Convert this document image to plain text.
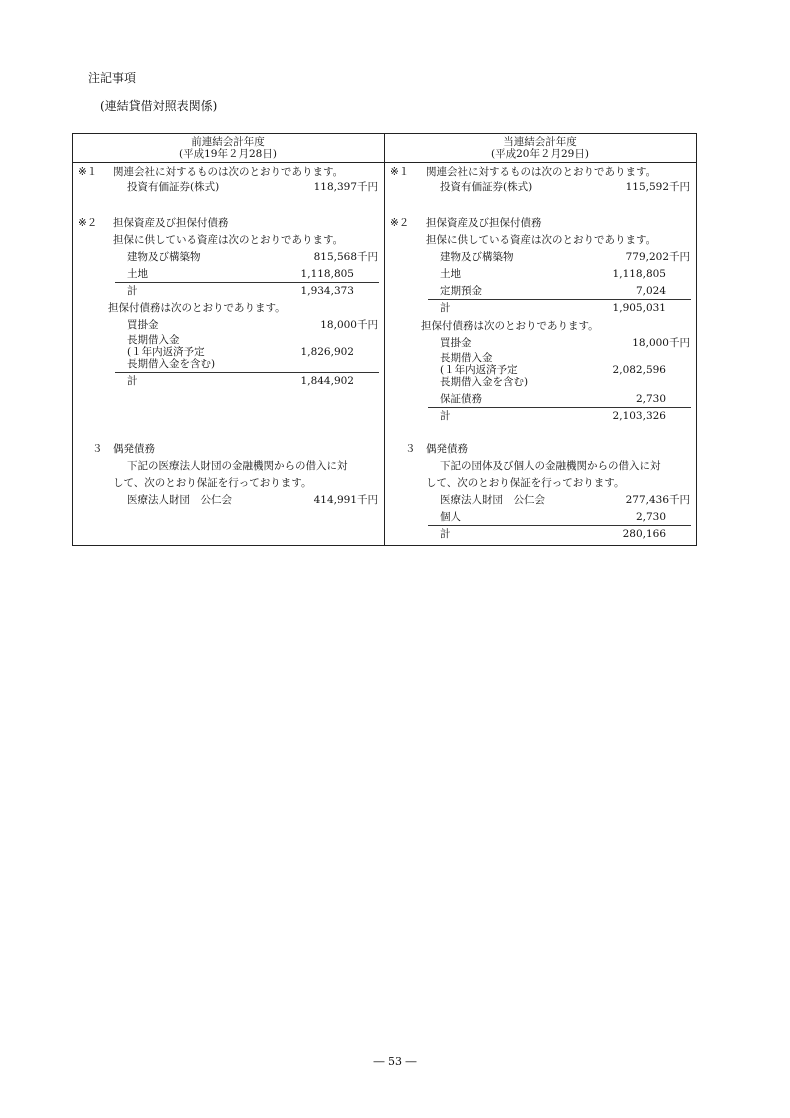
注記事項
(連結貸借対照表関係)
前連結会計年度
(平成19年２月28日)
※１ 関連会社に対するものは次のとおりであります。
投資有価証券(株式)	118,397千円
※２ 担保資産及び担保付債務
担保に供している資産は次のとおりであります。
建物及び構築物	815,568千円
土地	1,118,805
計	1,934,373
担保付債務は次のとおりであります。
買掛金	18,000千円
長期借入金
(１年内返済予定
長期借入金を含む)
1,826,902
計	1,844,902
３ 偶発債務
下記の医療法人財団の金融機関からの借入に対
して、次のとおり保証を行っております。
医療法人財団　公仁会	414,991千円
当連結会計年度
(平成20年２月29日)
※１ 関連会社に対するものは次のとおりであります。
投資有価証券(株式)	115,592千円
※２ 担保資産及び担保付債務
担保に供している資産は次のとおりであります。
建物及び構築物	779,202千円
土地	1,118,805
定期預金	7,024
計	1,905,031
担保付債務は次のとおりであります。
買掛金	18,000千円
長期借入金
(１年内返済予定
長期借入金を含む)
2,082,596
保証債務	2,730
計	2,103,326
３ 偶発債務
下記の団体及び個人の金融機関からの借入に対
して、次のとおり保証を行っております。
医療法人財団　公仁会	277,436千円
個人	2,730
計	280,166
― 53 ―
